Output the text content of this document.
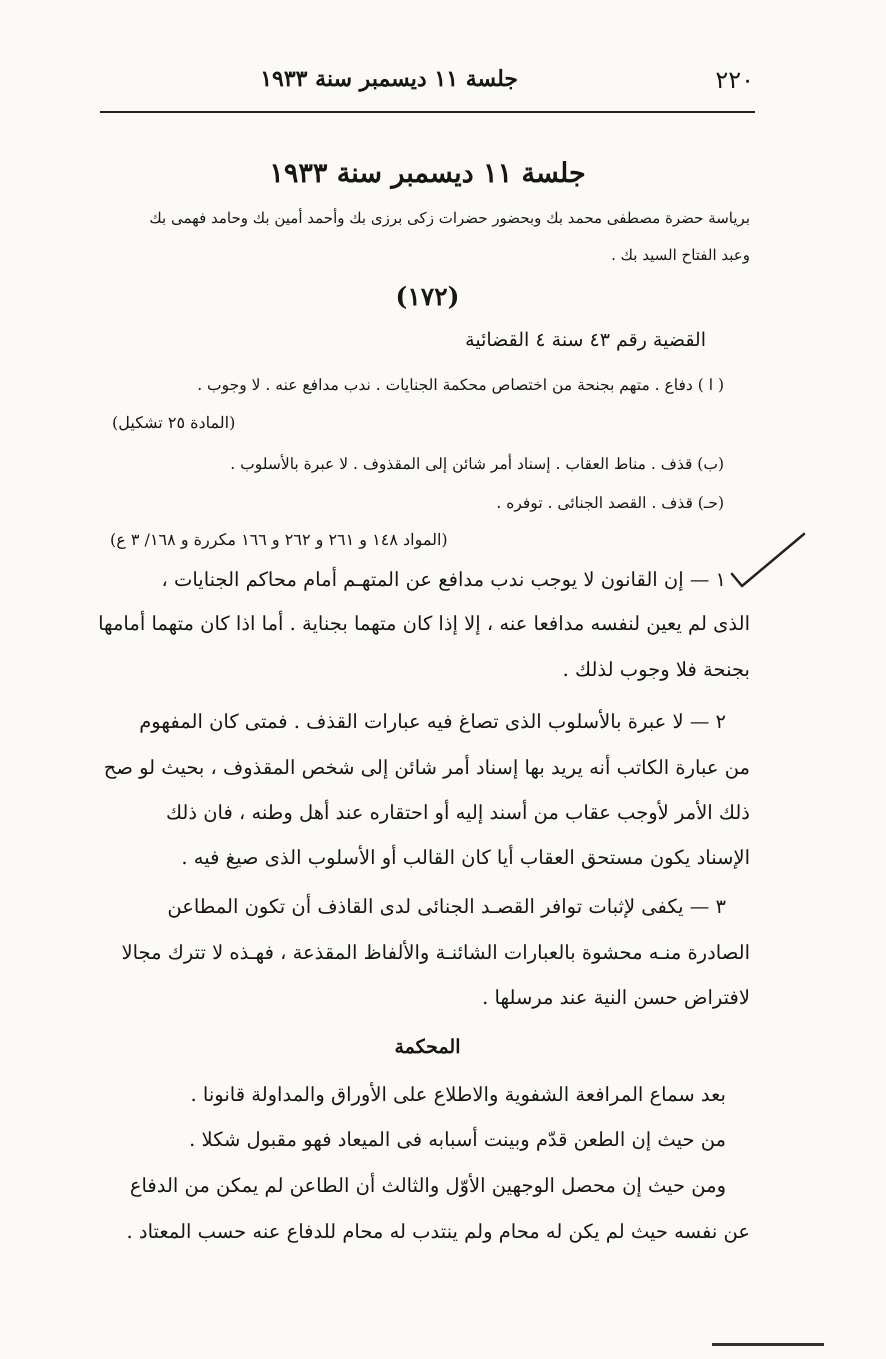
٢٢٠
جلسة ١١ ديسمبر سنة ١٩٣٣
جلسة ١١ ديسمبر سنة ١٩٣٣
برياسة حضرة مصطفى محمد بك وبحضور حضرات زكى برزى بك وأحمد أمين بك وحامد فهمى بك
وعبد الفتاح السيد بك .
(١٧٢)
القضية رقم ٤٣ سنة ٤ القضائية
( ا ) دفاع . متهم بجنحة من اختصاص محكمة الجنايات . ندب مدافع عنه . لا وجوب .
(المادة ٢٥ تشكيل)
(ب) قذف . مناط العقاب . إسناد أمر شائن إلى المقذوف . لا عبرة بالأسلوب .
(حـ) قذف . القصد الجنائى . توفره .
(المواد ١٤٨ و ٢٦١ و ٢٦٢ و ١٦٦ مكررة و ١٦٨/ ٣ ع)
١ — إن القانون لا يوجب ندب مدافع عن المتهـم أمام محاكم الجنايات ،
الذى لم يعين لنفسه مدافعا عنه ، إلا إذا كان متهما بجناية . أما اذا كان متهما أمامها
بجنحة فلا وجوب لذلك .
٢ — لا عبرة بالأسلوب الذى تصاغ فيه عبارات القذف . فمتى كان المفهوم
من عبارة الكاتب أنه يريد بها إسناد أمر شائن إلى شخص المقذوف ، بحيث لو صح
ذلك الأمر لأوجب عقاب من أسند إليه أو احتقاره عند أهل وطنه ، فان ذلك
الإسناد يكون مستحق العقاب أيا كان القالب أو الأسلوب الذى صيغ فيه .
٣ — يكفى لإثبات توافر القصـد الجنائى لدى القاذف أن تكون المطاعن
الصادرة منـه محشوة بالعبارات الشائنـة والألفاظ المقذعة ، فهـذه لا تترك مجالا
لافتراض حسن النية عند مرسلها .
المحكمة
بعد سماع المرافعة الشفوية والاطلاع على الأوراق والمداولة قانونا .
من حيث إن الطعن قدّم وبينت أسبابه فى الميعاد فهو مقبول شكلا .
ومن حيث إن محصل الوجهين الأوّل والثالث أن الطاعن لم يمكن من الدفاع
عن نفسه حيث لم يكن له محام ولم ينتدب له محام للدفاع عنه حسب المعتاد .
